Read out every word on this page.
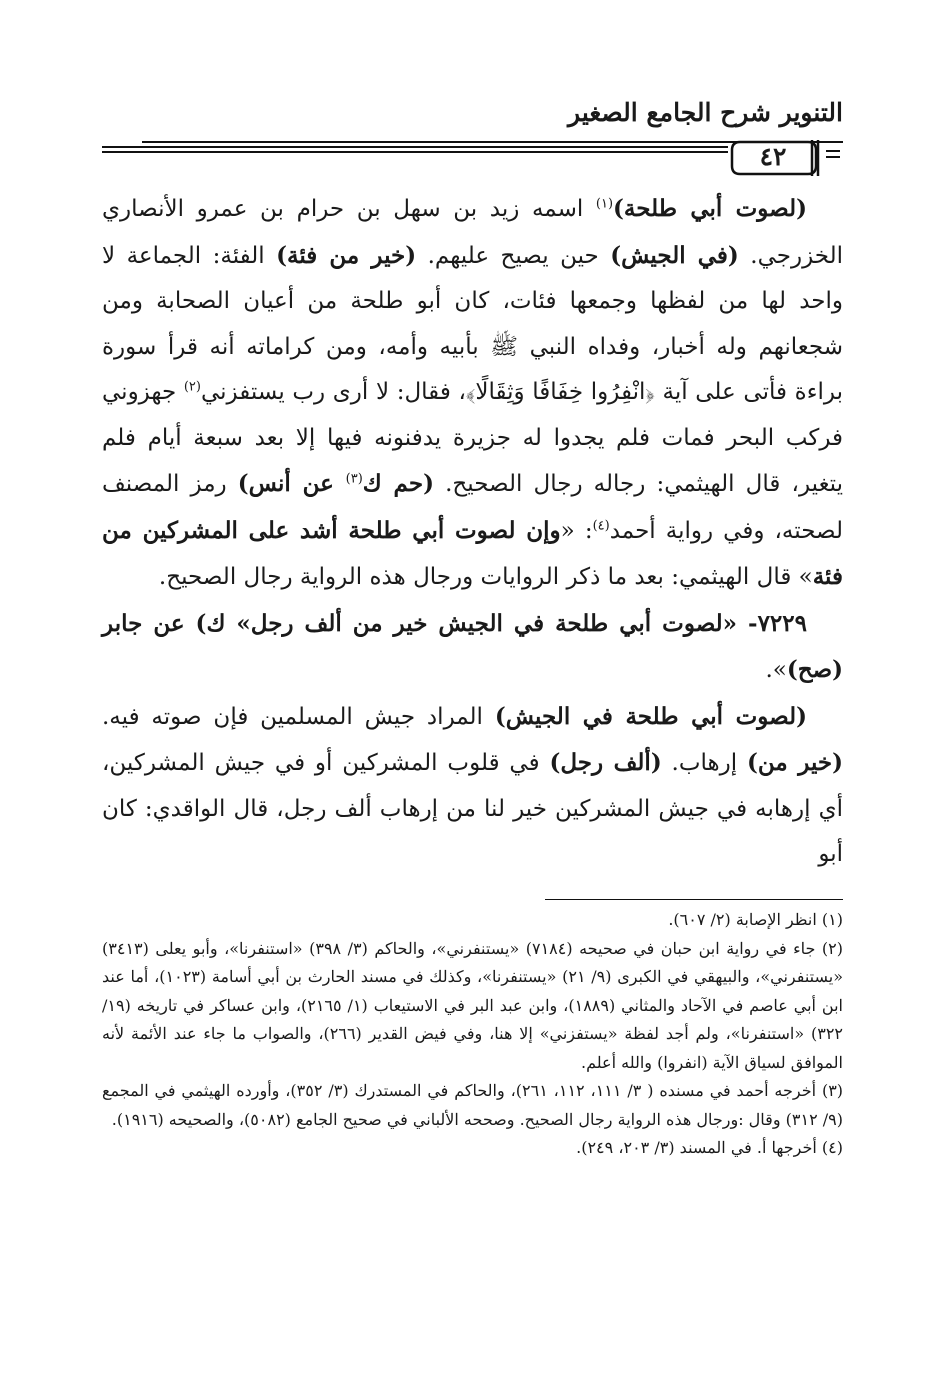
التنوير شرح الجامع الصغير
٤٢

(لصوت أبي طلحة)$^{(١)}$ اسمه زيد بن سهل بن حرام بن عمرو الأنصاري الخزرجي. (في الجيش) حين يصيح عليهم. (خير من فئة) الفئة: الجماعة لا واحد لها من لفظها وجمعها فئات، كان أبو طلحة من أعيان الصحابة ومن شجعانهم وله أخبار، وفداه النبي ﷺ بأبيه وأمه، ومن كراماته أنه قرأ سورة براءة فأتى على آية ﴿انْفِرُوا خِفَافًا وَثِقَالًا﴾، فقال: لا أرى رب يستفزني$^{(٢)}$ جهزوني فركب البحر فمات فلم يجدوا له جزيرة يدفنونه فيها إلا بعد سبعة أيام فلم يتغير، قال الهيثمي: رجاله رجال الصحيح. (حم ك$^{(٣)}$ عن أنس) رمز المصنف لصحته، وفي رواية أحمد$^{(٤)}$: «وإن لصوت أبي طلحة أشد على المشركين من فئة» قال الهيثمي: بعد ما ذكر الروايات ورجال هذه الرواية رجال الصحيح.

٧٢٢٩- «لصوت أبي طلحة في الجيش خير من ألف رجل» ك) عن جابر (صح)».

(لصوت أبي طلحة في الجيش) المراد جيش المسلمين فإن صوته فيه. (خير من) إرهاب. (ألف رجل) في قلوب المشركين أو في جيش المشركين، أي إرهابه في جيش المشركين خير لنا من إرهاب ألف رجل، قال الواقدي: كان أبو

(١) انظر الإصابة (٢/ ٦٠٧).

(٢) جاء في رواية ابن حبان في صحيحه (٧١٨٤) «يستنفرني»، والحاكم (٣/ ٣٩٨) «استنفرنا»، وأبو يعلى (٣٤١٣) «يستنفرني»، والبيهقي في الكبرى (٩/ ٢١) «يستنفرنا»، وكذلك في مسند الحارث بن أبي أسامة (١٠٢٣)، أما عند ابن أبي عاصم في الآحاد والمثاني (١٨٨٩)، وابن عبد البر في الاستيعاب (١/ ٢١٦٥)، وابن عساكر في تاريخه (١٩/ ٣٢٢) «استنفرنا»، ولم أجد لفظة «يستفزني» إلا هنا، وفي فيض القدير (٢٦٦)، والصواب ما جاء عند الأئمة لأنه الموافق لسياق الآية (انفروا) والله أعلم.

(٣) أخرجه أحمد في مسنده ( ٣/ ١١١، ١١٢، ٢٦١)، والحاكم في المستدرك (٣/ ٣٥٢)، وأورده الهيثمي في المجمع (٩/ ٣١٢) وقال :ورجال هذه الرواية رجال الصحيح. وصححه الألباني في صحيح الجامع (٥٠٨٢)، والصحيحه (١٩١٦).

(٤) أخرجها أ. في المسند (٣/ ٢٠٣، ٢٤٩).
